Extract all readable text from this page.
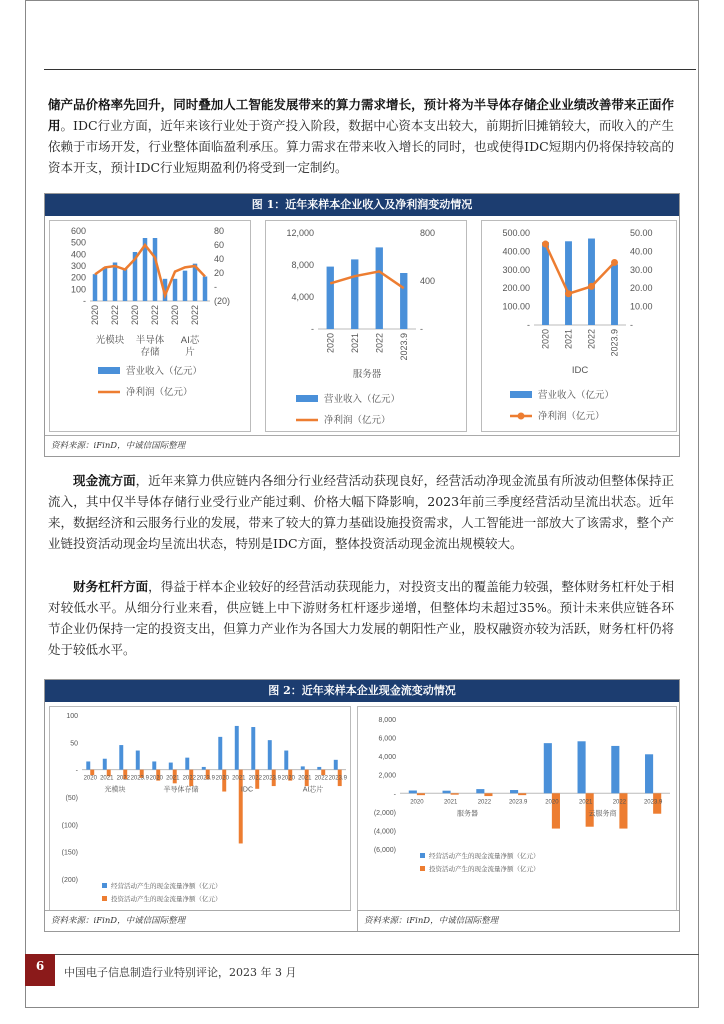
储产品价格率先回升，同时叠加人工智能发展带来的算力需求增长，预计将为半导体存储企业业绩改善带来正面作用。IDC行业方面，近年来该行业处于资产投入阶段，数据中心资本支出较大，前期折旧摊销较大，而收入的产生依赖于市场开发，行业整体面临盈利承压。算力需求在带来收入增长的同时，也或使得IDC短期内仍将保持较高的资本开支，预计IDC行业短期盈利仍将受到一定制约。

图 1：近年来样本企业收入及净利润变动情况
600
500
400
300
200
100
-
80
60
40
20
-
(20)
2020 2022 2020 2022 2020 2022
光模块 半导体
存储
AI芯
片
营业收入（亿元）
净利润（亿元）
12,000
8,000
4,000
-
800
400
-
2020 2021 2022 2023.9
服务器
营业收入（亿元）
净利润（亿元）
500.00
400.00
300.00
200.00
100.00
-
50.00
40.00
30.00
20.00
10.00
-
2020 2021 2022 2023.9
IDC
营业收入（亿元）
净利润（亿元）
资料来源：iFinD，中诚信国际整理

　　现金流方面，近年来算力供应链内各细分行业经营活动获现良好，经营活动净现金流虽有所波动但整体保持正流入，其中仅半导体存储行业受行业产能过剩、价格大幅下降影响，2023年前三季度经营活动呈流出状态。近年来，数据经济和云服务行业的发展，带来了较大的算力基础设施投资需求，人工智能进一部放大了该需求，整个产业链投资活动现金均呈流出状态，特别是IDC方面，整体投资活动现金流出规模较大。

　　财务杠杆方面，得益于样本企业较好的经营活动获现能力，对投资支出的覆盖能力较强，整体财务杠杆处于相对较低水平。从细分行业来看，供应链上中下游财务杠杆逐步递增，但整体均未超过35%。预计未来供应链各环节企业仍保持一定的投资支出，但算力产业作为各国大力发展的朝阳性产业，股权融资亦较为活跃，财务杠杆仍将处于较低水平。

图 2：近年来样本企业现金流变动情况
100
50
-
(50)
(100)
(150)
(200)
2020 2021 2022 2023.9 2020 2021 2022 2023.9 2020 2021 2022 2023.9 2020 2021 2022 2023.9
光模块	半导体存储	IDC	AI芯片
经营活动产生的现金流量净额（亿元）
投资活动产生的现金流量净额（亿元）
8,000
6,000
4,000
2,000
-
(2,000)
(4,000)
(6,000)
2020	2021	2022	2023.9	2020	2021	2022	2023.9
服务器	云服务商
经营活动产生的现金流量净额（亿元）
投资活动产生的现金流量净额（亿元）
资料来源：iFinD，中诚信国际整理	资料来源：iFinD，中诚信国际整理
6	中国电子信息制造行业特别评论，2023 年 3 月
